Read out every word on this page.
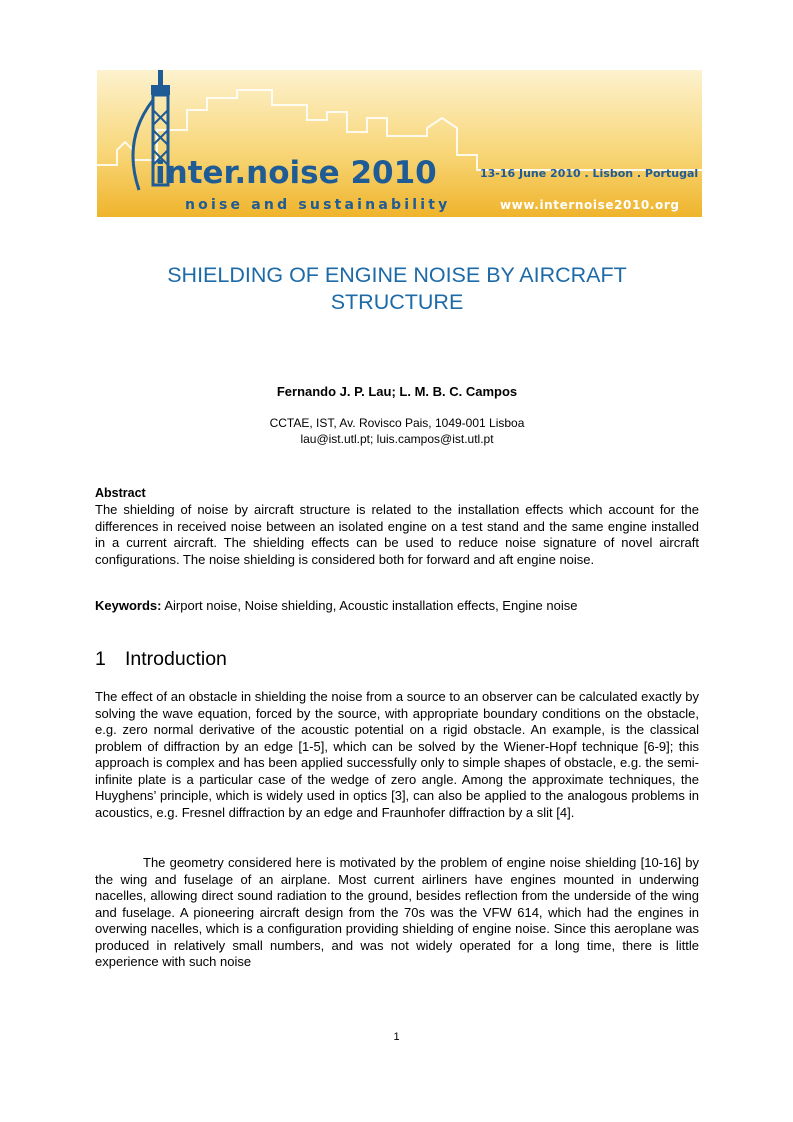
inter.noise 2010
noise and sustainability
13-16 June 2010 . Lisbon . Portugal
www.internoise2010.org
SHIELDING OF ENGINE NOISE BY AIRCRAFT
STRUCTURE
Fernando J. P. Lau; L. M. B. C. Campos
CCTAE, IST, Av. Rovisco Pais, 1049-001 Lisboa
lau@ist.utl.pt; luis.campos@ist.utl.pt
Abstract
The shielding of noise by aircraft structure is related to the installation effects which account for the differences in received noise between an isolated engine on a test stand and the same engine installed in a current aircraft. The shielding effects can be used to reduce noise signature of novel aircraft configurations. The noise shielding is considered both for forward and aft engine noise.
Keywords: Airport noise, Noise shielding, Acoustic installation effects, Engine noise
1 Introduction
The effect of an obstacle in shielding the noise from a source to an observer can be calculated exactly by solving the wave equation, forced by the source, with appropriate boundary conditions on the obstacle, e.g. zero normal derivative of the acoustic potential on a rigid obstacle. An example, is the classical problem of diffraction by an edge [1-5], which can be solved by the Wiener-Hopf technique [6-9]; this approach is complex and has been applied successfully only to simple shapes of obstacle, e.g. the semi-infinite plate is a particular case of the wedge of zero angle. Among the approximate techniques, the Huyghens’ principle, which is widely used in optics [3], can also be applied to the analogous problems in acoustics, e.g. Fresnel diffraction by an edge and Fraunhofer diffraction by a slit [4].
The geometry considered here is motivated by the problem of engine noise shielding [10-16] by the wing and fuselage of an airplane. Most current airliners have engines mounted in underwing nacelles, allowing direct sound radiation to the ground, besides reflection from the underside of the wing and fuselage. A pioneering aircraft design from the 70s was the VFW 614, which had the engines in overwing nacelles, which is a configuration providing shielding of engine noise. Since this aeroplane was produced in relatively small numbers, and was not widely operated for a long time, there is little experience with such noise
1
